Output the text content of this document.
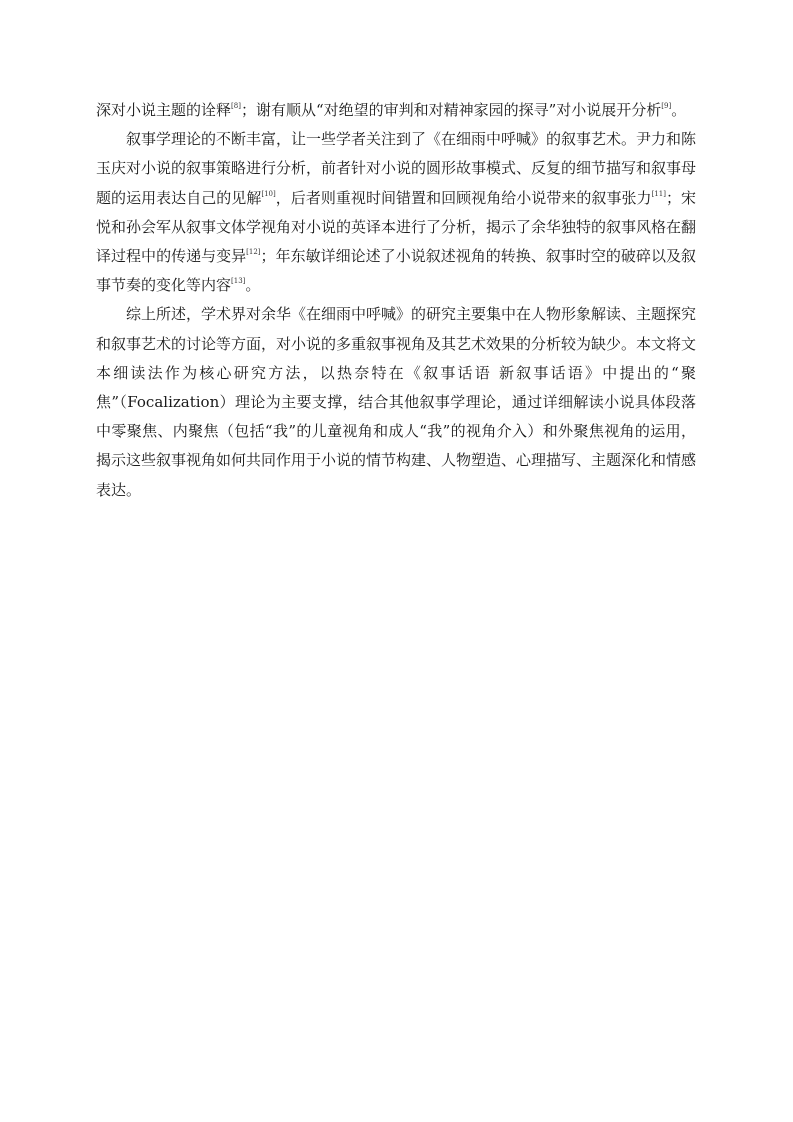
深对小说主题的诠释[8]；谢有顺从“对绝望的审判和对精神家园的探寻”对小说展开分析[9]。

叙事学理论的不断丰富，让一些学者关注到了《在细雨中呼喊》的叙事艺术。尹力和陈玉庆对小说的叙事策略进行分析，前者针对小说的圆形故事模式、反复的细节描写和叙事母题的运用表达自己的见解[10]，后者则重视时间错置和回顾视角给小说带来的叙事张力[11]；宋悦和孙会军从叙事文体学视角对小说的英译本进行了分析，揭示了余华独特的叙事风格在翻译过程中的传递与变异[12]；年东敏详细论述了小说叙述视角的转换、叙事时空的破碎以及叙事节奏的变化等内容[13]。

综上所述，学术界对余华《在细雨中呼喊》的研究主要集中在人物形象解读、主题探究和叙事艺术的讨论等方面，对小说的多重叙事视角及其艺术效果的分析较为缺少。本文将文本细读法作为核心研究方法，以热奈特在《叙事话语 新叙事话语》中提出的“聚焦”（Focalization）理论为主要支撑，结合其他叙事学理论，通过详细解读小说具体段落中零聚焦、内聚焦（包括“我”的儿童视角和成人“我”的视角介入）和外聚焦视角的运用，揭示这些叙事视角如何共同作用于小说的情节构建、人物塑造、心理描写、主题深化和情感表达。
